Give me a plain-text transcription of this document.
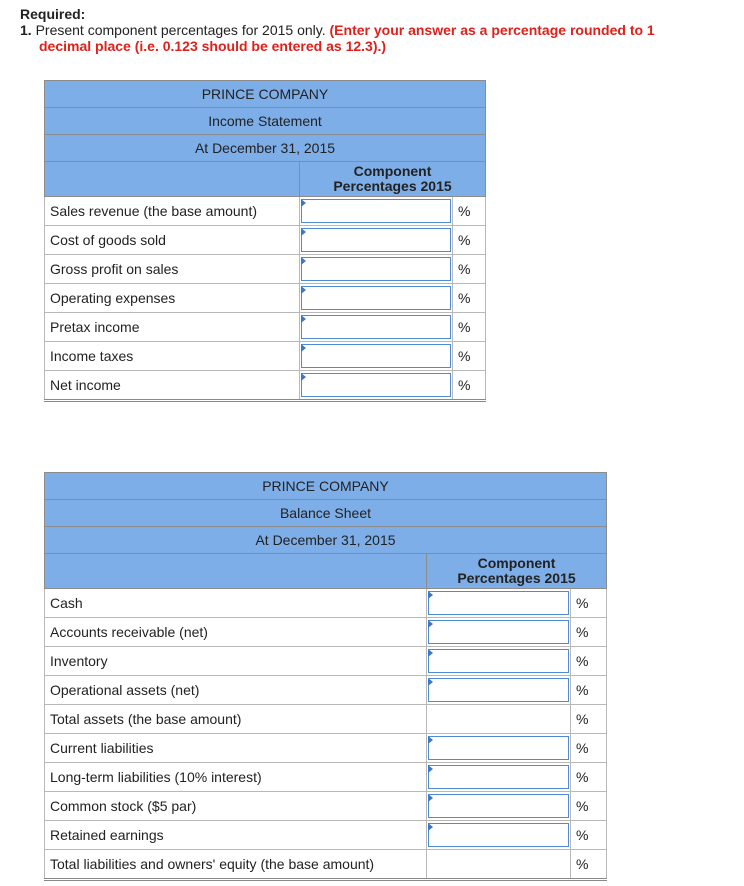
Required:
1. Present component percentages for 2015 only. (Enter your answer as a percentage rounded to 1
decimal place (i.e. 0.123 should be entered as 12.3).)
PRINCE COMPANY		
Income Statement		
At December 31, 2015		

	Component
Percentages 2015	

Sales revenue (the base amount)		%
Cost of goods sold		%
Gross profit on sales		%
Operating expenses		%
Pretax income		%
Income taxes		%
Net income		%
PRINCE COMPANY		
Balance Sheet		
At December 31, 2015		

	Component
Percentages 2015	

Cash		%
Accounts receivable (net)		%
Inventory		%
Operational assets (net)		%
Total assets (the base amount)		%
Current liabilities		%
Long-term liabilities (10% interest)		%
Common stock ($5 par)		%
Retained earnings		%
Total liabilities and owners' equity (the base amount)		%
